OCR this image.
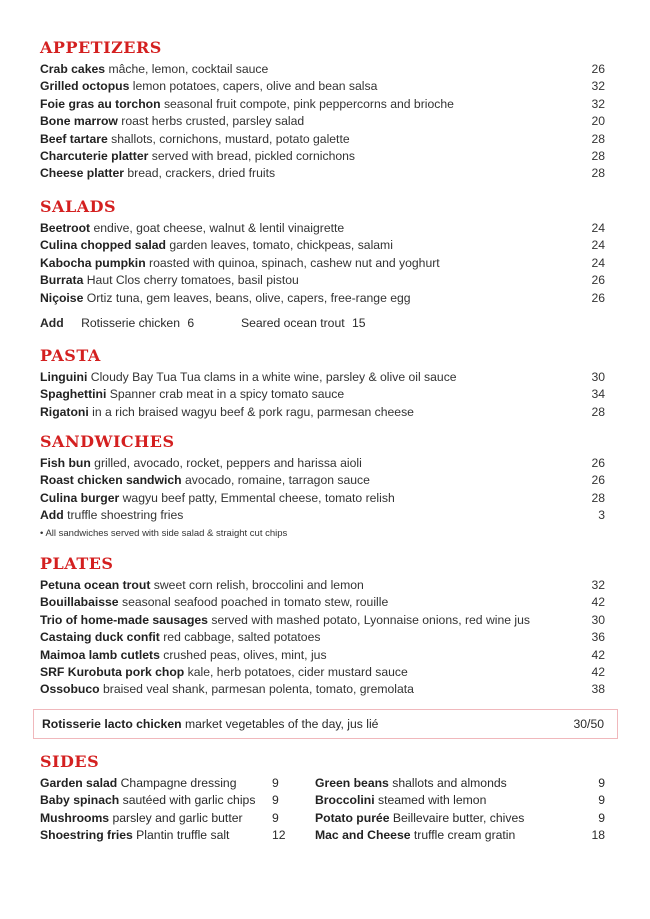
APPETIZERS
Crab cakes mâche, lemon, cocktail sauce	26
Grilled octopus lemon potatoes, capers, olive and bean salsa	32
Foie gras au torchon seasonal fruit compote, pink peppercorns and brioche	32
Bone marrow roast herbs crusted, parsley salad	20
Beef tartare shallots, cornichons, mustard, potato galette	28
Charcuterie platter served with bread, pickled cornichons	28
Cheese platter bread, crackers, dried fruits	28
SALADS
Beetroot endive, goat cheese, walnut & lentil vinaigrette	24
Culina chopped salad garden leaves, tomato, chickpeas, salami	24
Kabocha pumpkin roasted with quinoa, spinach, cashew nut and yoghurt	24
Burrata Haut Clos cherry tomatoes, basil pistou	26
Niçoise Ortiz tuna, gem leaves, beans, olive, capers, free-range egg	26
Add Rotisserie chicken 6	Seared ocean trout 15
PASTA
Linguini Cloudy Bay Tua Tua clams in a white wine, parsley & olive oil sauce	30
Spaghettini Spanner crab meat in a spicy tomato sauce	34
Rigatoni in a rich braised wagyu beef & pork ragu, parmesan cheese	28
SANDWICHES
Fish bun grilled, avocado, rocket, peppers and harissa aioli	26
Roast chicken sandwich avocado, romaine, tarragon sauce	26
Culina burger wagyu beef patty, Emmental cheese, tomato relish	28
Add truffle shoestring fries	3
• All sandwiches served with side salad & straight cut chips
PLATES
Petuna ocean trout sweet corn relish, broccolini and lemon	32
Bouillabaisse seasonal seafood poached in tomato stew, rouille	42
Trio of home-made sausages served with mashed potato, Lyonnaise onions, red wine jus	30
Castaing duck confit red cabbage, salted potatoes	36
Maimoa lamb cutlets crushed peas, olives, mint, jus	42
SRF Kurobuta pork chop kale, herb potatoes, cider mustard sauce	42
Ossobuco braised veal shank, parmesan polenta, tomato, gremolata	38
Rotisserie lacto chicken market vegetables of the day, jus lié	30/50
SIDES
Garden salad Champagne dressing	9	Green beans shallots and almonds	9
Baby spinach sautéed with garlic chips	9	Broccolini steamed with lemon	9
Mushrooms parsley and garlic butter	9	Potato purée Beillevaire butter, chives	9
Shoestring fries Plantin truffle salt	12	Mac and Cheese truffle cream gratin	18
